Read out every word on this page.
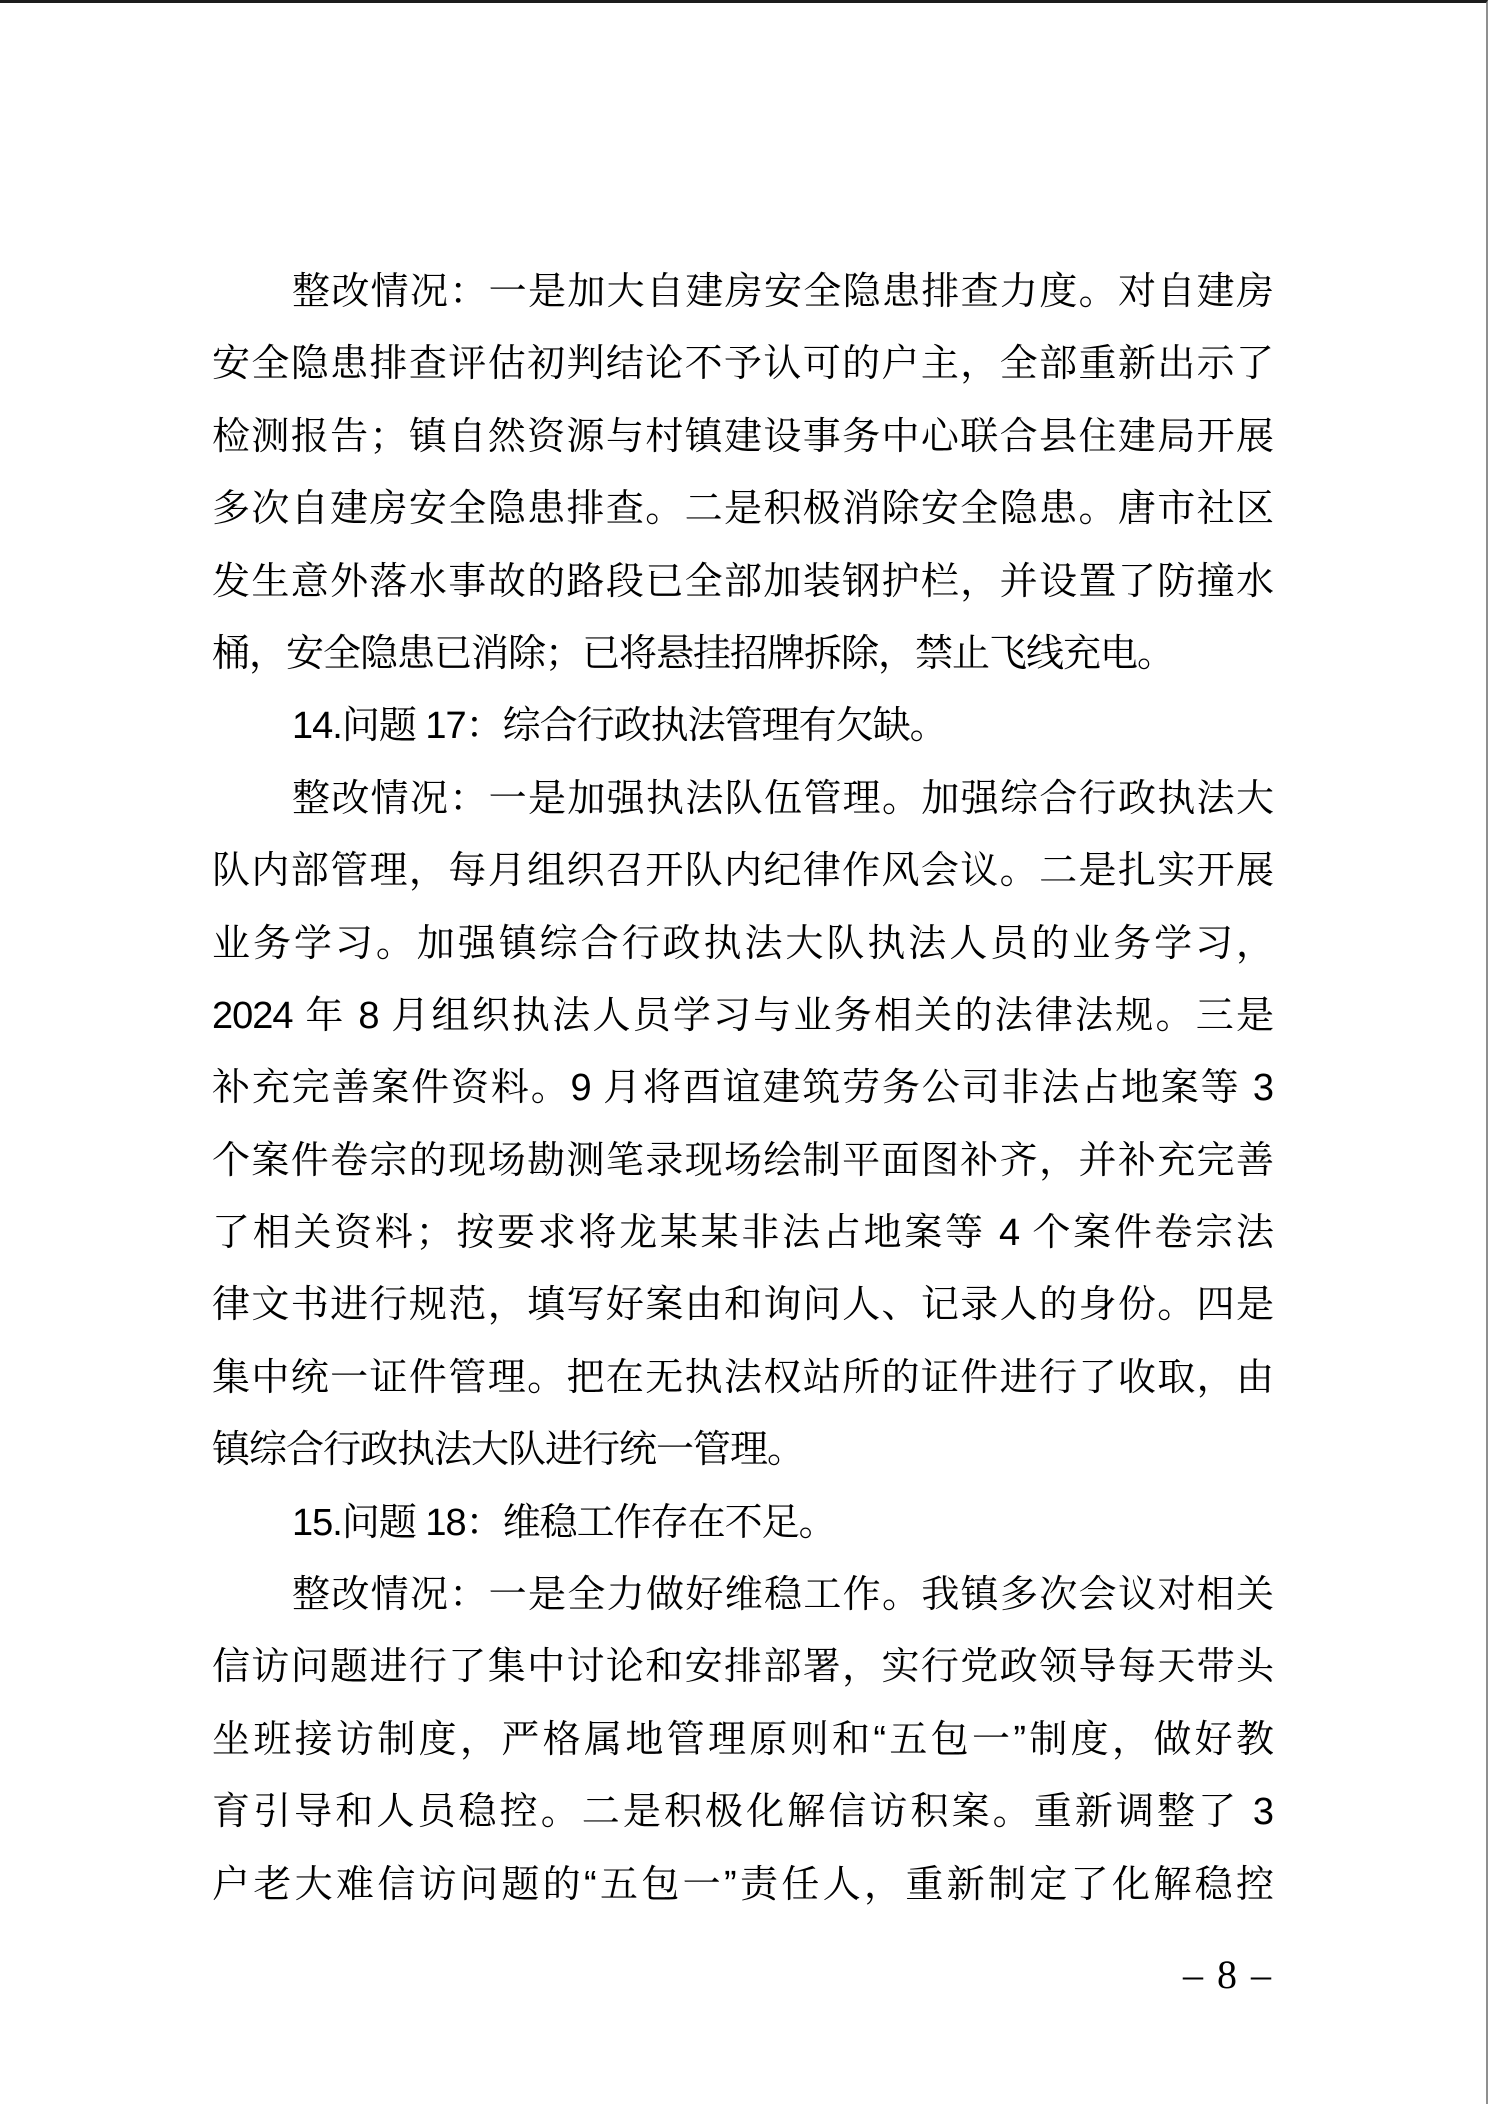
整改情况：一是加大自建房安全隐患排查力度。对自建房
安全隐患排查评估初判结论不予认可的户主，全部重新出示了
检测报告；镇自然资源与村镇建设事务中心联合县住建局开展
多次自建房安全隐患排查。二是积极消除安全隐患。唐市社区
发生意外落水事故的路段已全部加装钢护栏，并设置了防撞水
桶，安全隐患已消除；已将悬挂招牌拆除，禁止飞线充电。
14.问题 17：综合行政执法管理有欠缺。
整改情况：一是加强执法队伍管理。加强综合行政执法大
队内部管理，每月组织召开队内纪律作风会议。二是扎实开展
业务学习。加强镇综合行政执法大队执法人员的业务学习，
2024 年 8 月组织执法人员学习与业务相关的法律法规。三是
补充完善案件资料。9 月将酉谊建筑劳务公司非法占地案等 3
个案件卷宗的现场勘测笔录现场绘制平面图补齐，并补充完善
了相关资料；按要求将龙某某非法占地案等 4 个案件卷宗法
律文书进行规范，填写好案由和询问人、记录人的身份。四是
集中统一证件管理。把在无执法权站所的证件进行了收取，由
镇综合行政执法大队进行统一管理。
15.问题 18：维稳工作存在不足。
整改情况：一是全力做好维稳工作。我镇多次会议对相关
信访问题进行了集中讨论和安排部署，实行党政领导每天带头
坐班接访制度，严格属地管理原则和“五包一”制度，做好教
育引导和人员稳控。二是积极化解信访积案。重新调整了 3
户老大难信访问题的“五包一”责任人，重新制定了化解稳控
– 8 –
